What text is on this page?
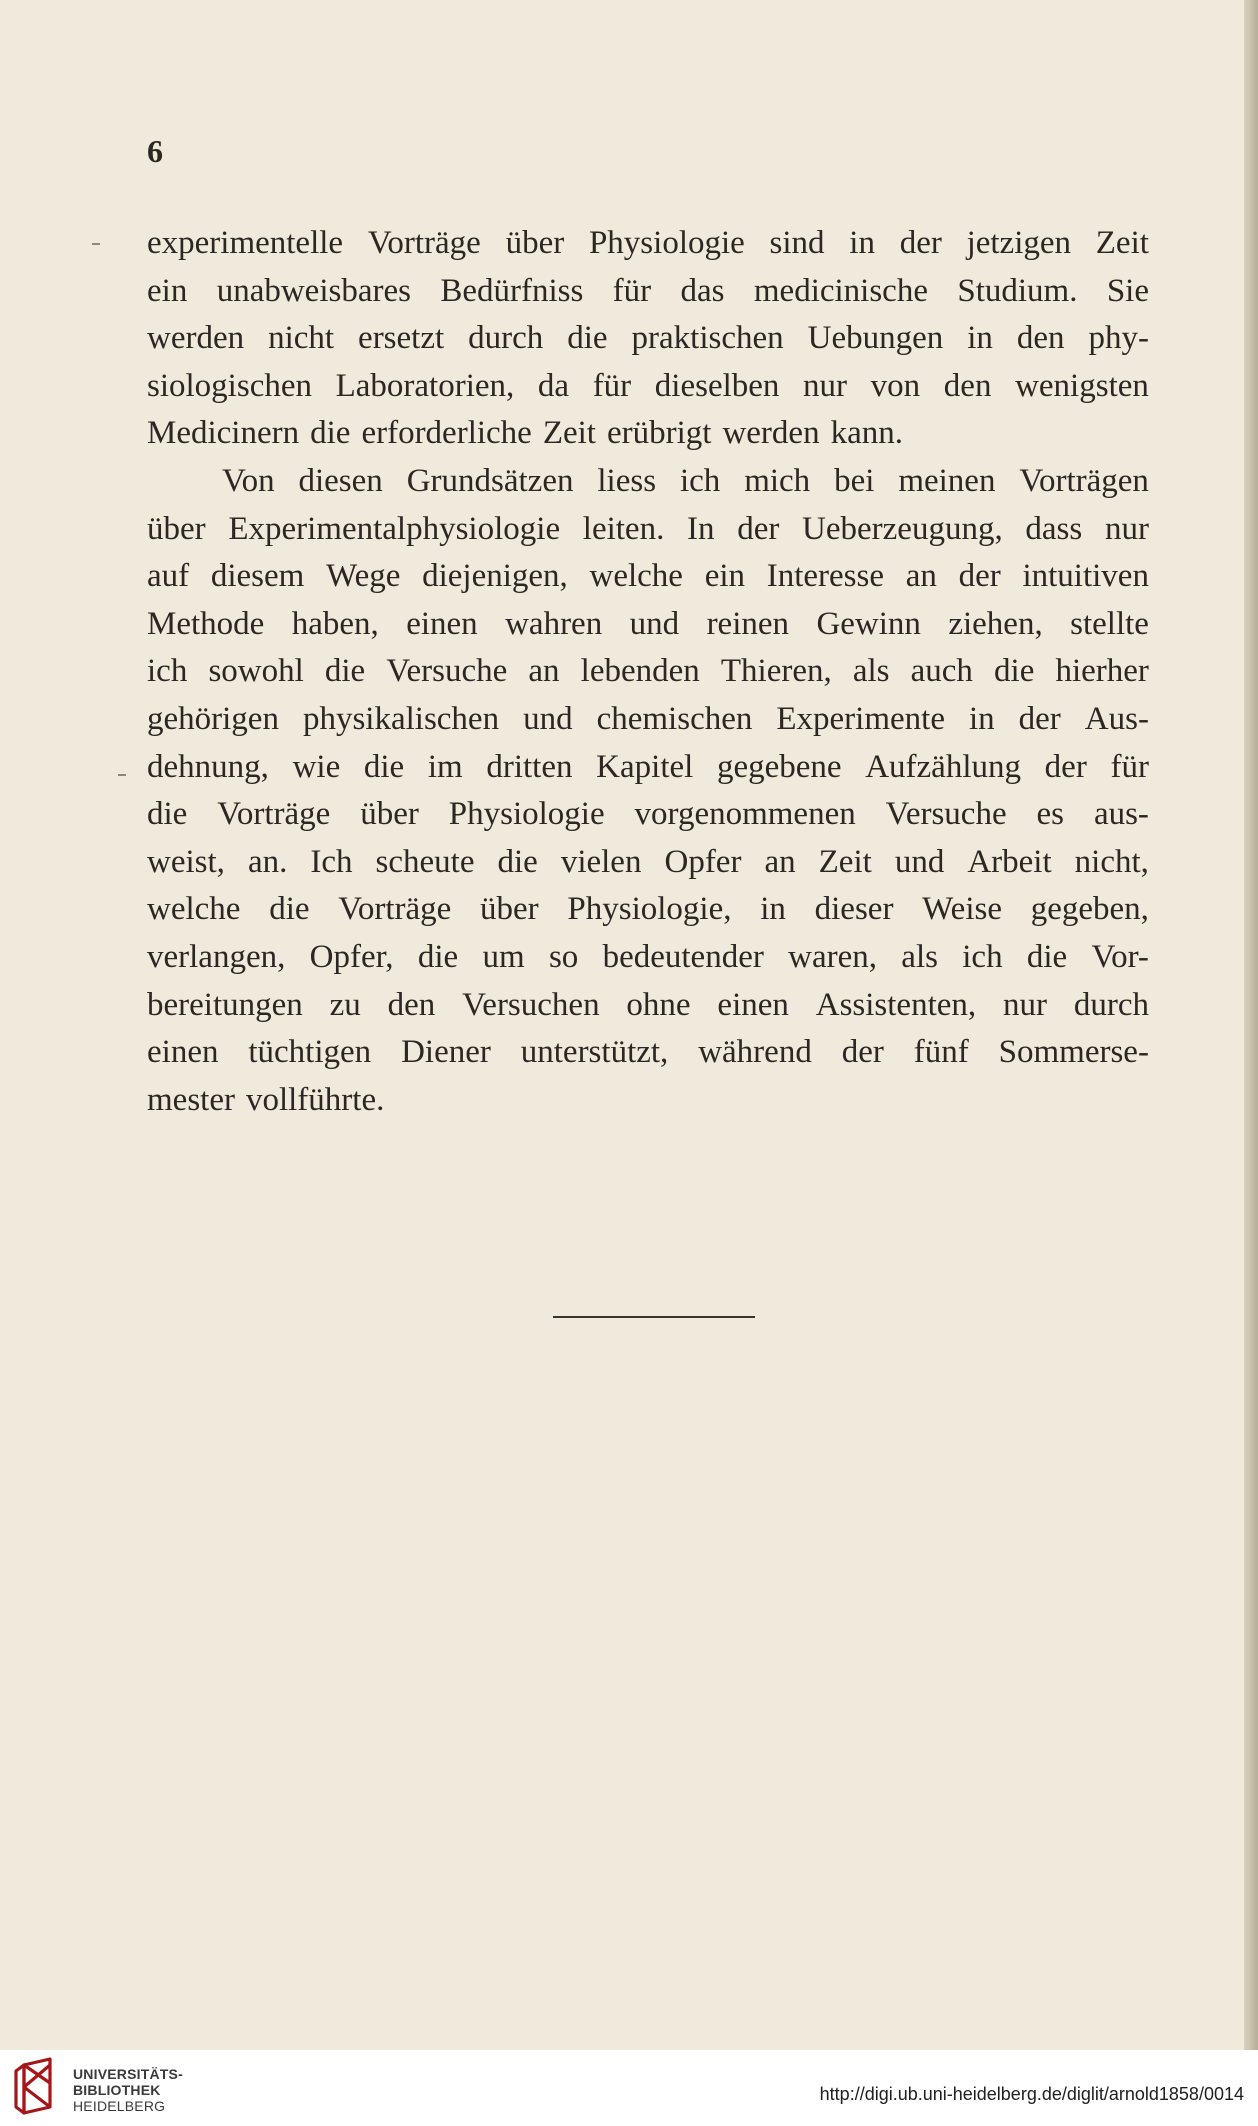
6
experimentelle Vorträge über Physiologie sind in der jetzigen Zeit
ein unabweisbares Bedürfniss für das medicinische Studium. Sie
werden nicht ersetzt durch die praktischen Uebungen in den phy-
siologischen Laboratorien, da für dieselben nur von den wenigsten
Medicinern die erforderliche Zeit erübrigt werden kann.
Von diesen Grundsätzen liess ich mich bei meinen Vorträgen
über Experimentalphysiologie leiten. In der Ueberzeugung, dass nur
auf diesem Wege diejenigen, welche ein Interesse an der intuitiven
Methode haben, einen wahren und reinen Gewinn ziehen, stellte
ich sowohl die Versuche an lebenden Thieren, als auch die hierher
gehörigen physikalischen und chemischen Experimente in der Aus-
dehnung, wie die im dritten Kapitel gegebene Aufzählung der für
die Vorträge über Physiologie vorgenommenen Versuche es aus-
weist, an. Ich scheute die vielen Opfer an Zeit und Arbeit nicht,
welche die Vorträge über Physiologie, in dieser Weise gegeben,
verlangen, Opfer, die um so bedeutender waren, als ich die Vor-
bereitungen zu den Versuchen ohne einen Assistenten, nur durch
einen tüchtigen Diener unterstützt, während der fünf Sommerse-
mester vollführte.
UNIVERSITÄTS-
BIBLIOTHEK
HEIDELBERG
http://digi.ub.uni-heidelberg.de/diglit/arnold1858/0014
